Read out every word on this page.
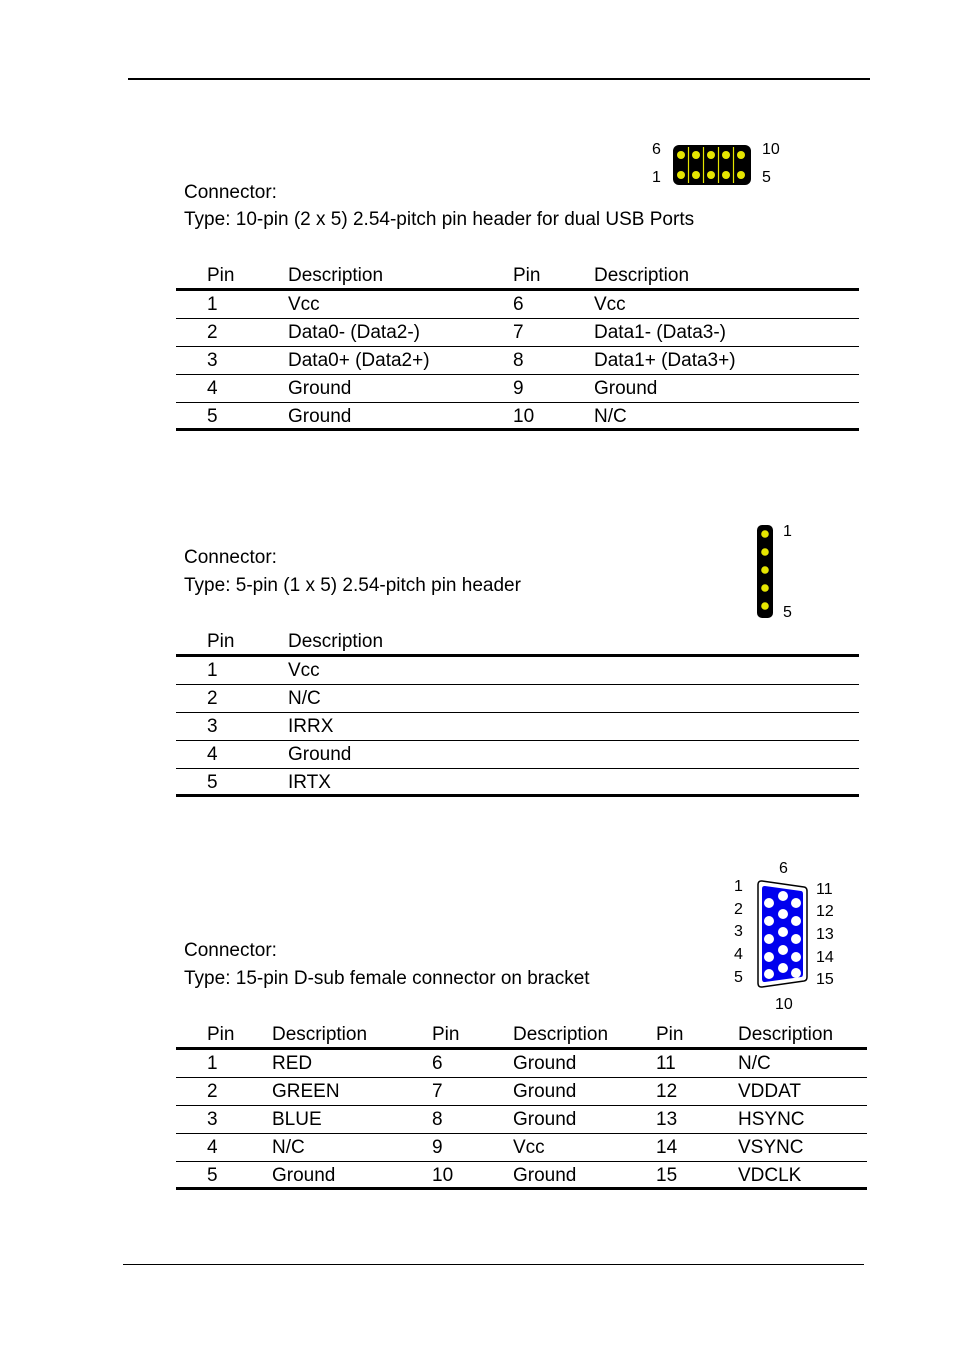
6
1
10
5
Connector:
Type: 10-pin (2 x 5) 2.54-pitch pin header for dual USB Ports
Pin	Description	Pin	Description
1	Vcc	6	Vcc
2	Data0- (Data2-)	7	Data1- (Data3-)
3	Data0+ (Data2+)	8	Data1+ (Data3+)
4	Ground	9	Ground
5	Ground	10	N/C
1
5
Connector:
Type: 5-pin (1 x 5) 2.54-pitch pin header
Pin	Description
1	Vcc
2	N/C
3	IRRX
4	Ground
5	IRTX
6
10
1
2
3
4
5
11
12
13
14
15
Connector:
Type: 15-pin D-sub female connector on bracket
Pin Description	Pin	Description	Pin	Description
1	RED	6	Ground	11	N/C
2	GREEN	7	Ground	12	VDDAT
3	BLUE	8	Ground	13	HSYNC
4	N/C	9	Vcc	14	VSYNC
5	Ground	10	Ground	15	VDCLK
